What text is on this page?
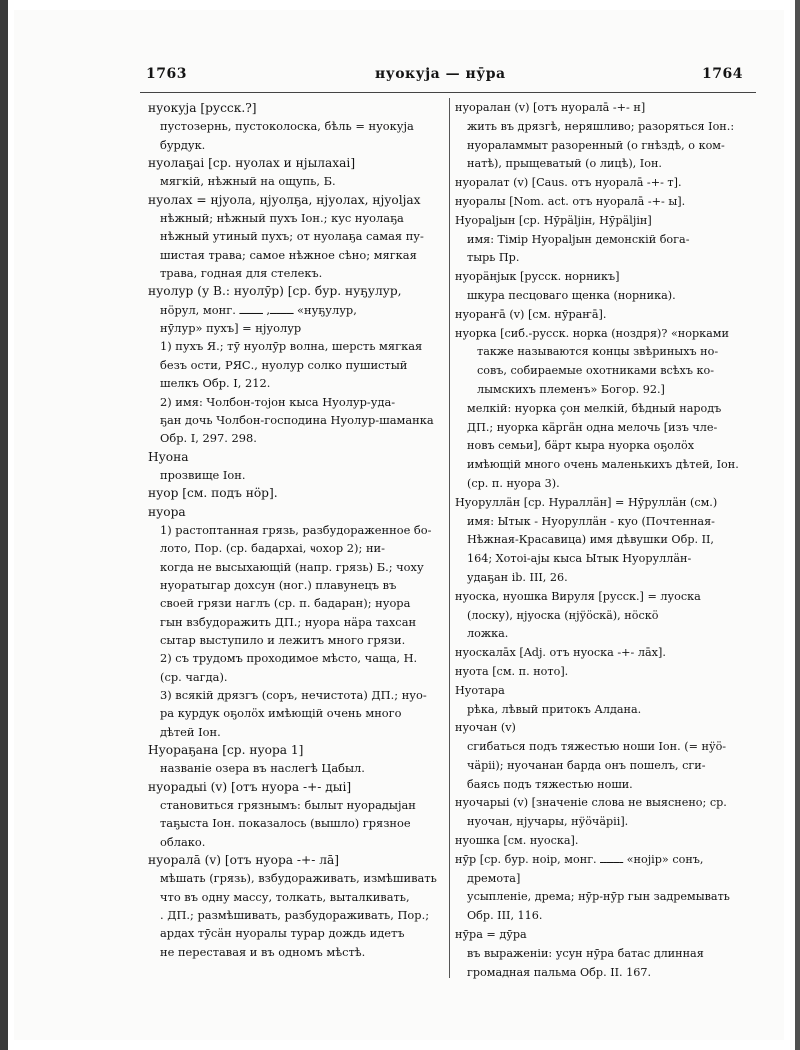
1763	нуокуја — нӯра	1764
нуокуја [русск.?]
пустозернь, пустоколоска, бѣль = нуокуја
бурдук.
нуолаҕаі [ср. нуолах и нјылахаі]
мягкій, нѣжный на ощупь, Б.
нуолах = нјуола, нјуолҕа, нјуолах, нјуоljах
нѣжный; нѣжный пухъ Іон.; кус нуолаҕа
нѣжный утиный пухъ; от нуолаҕа самая пу-
шистая трава; самое нѣжное сѣно; мягкая
трава, годная для стелекъ.
нуолур (у В.: нуолӯр) [ср. бур. нуҕулур,
нӧрул, монг. ـــــــ, ـــــــ «нуҕулур,
нӯлур» пухъ] = нјуолур
1) пухъ Я.; тӯ нуолӯр волна, шерсть мягкая
безъ ости, РЯС., нуолур солко пушистый
шелкъ Обр. І, 212.
2) имя: Чолбон-тојон кыса Нуолур-уда-
ҕан дочь Чолбон-господина Нуолур-шаманка
Обр. І, 297. 298.
Нуона
прозвище Іон.
нуор [см. подъ нӧр].
нуора
1) растоптанная грязь, разбудораженное бо-
лото, Пор. (ср. бадархаі, ҹохор 2); ни-
когда не высыхающій (напр. грязь) Б.; чоху
нуоратыгар дохсун (ног.) плавунецъ въ
своей грязи наглъ (ср. п. бадаран); нуора
гын взбудоражить ДП.; нуора нӓра тахсан
сытар выступило и лежитъ много грязи.
2) съ трудомъ проходимое мѣсто, чаща, Н.
(ср. чагда).
3) всякій дрязгъ (соръ, нечистота) ДП.; нуо-
ра курдук оҕолӧх имѣющій очень много
дѣтей Іон.
Нуораҕана [ср. нуора 1]
названіе озера въ наслегѣ Цабыл.
нуорадыі (v) [отъ нуора -+- дыі]
становиться грязнымъ: былыт нуорадыjан
таҕыста Іон. показалось (вышло) грязное
облако.
нуоралā (v) [отъ нуора -+- лā]
мѣшать (грязь), взбудораживать, измѣшивать
что въ одну массу, толкать, выталкивать,
. ДП.; размѣшивать, разбудораживать, Пор.;
ардах тӯсӓн нуоралы турар дождь идетъ
не переставая и въ одномъ мѣстѣ.
нуоралан (v) [отъ нуоралā -+- н]
жить въ дрязгѣ, неряшливо; разоряться Іон.:
нуораламмыт разоренный (о гнѣздѣ, о ком-
натѣ), прыщеватый (о лицѣ), Іон.
нуоралат (v) [Caus. отъ нуоралā -+- т].
нуоралы [Nom. act. отъ нуоралā -+- ы].
Нуораljын [ср. Нӯрӓljін, Нӯрӓljін]
имя: Тімір Нуораljын демонскій бога-
тырь Пр.
нуорӓнјык [русск. норникъ]
шкура песцоваго щенка (норника).
нуораҥā (v) [см. нӯраҥā].
нуорка [сиб.-русск. норка (ноздря)? «норками
также называются концы звѣриныхъ но-
совъ, собираемые охотниками всѣхъ ко-
лымскихъ племенъ» Богор. 92.]
мелкій: нуорка ҫон мелкій, бѣдный народъ
ДП.; нуорка кӓргӓн одна мелочь [изъ чле-
новъ семьи], бӓрт кыра нуорка оҕолӧх
имѣющій много очень маленькихъ дѣтей, Іон.
(ср. п. нуора 3).
Нуоруллӓн [ср. Нураллӓн] = Нӯруллӓн (см.)
имя: Ытык - Нуоруллӓн - куо (Почтенная-
Нѣжная-Красавица) имя дѣвушки Обр. ІІ,
164; Хотоі-аjы кыса Ытык Нуоруллӓн-
удаҕан іb. ІІІ, 26.
нуоска, нуошка Вируля [русск.] = луоска
(лоску), нјуоска (нјӱӧскӓ), нӧскӧ
ложка.
нуоскалāх [Adj. отъ нуоска -+- лāх].
нуота [см. п. ното].
Нуотара
рѣка, лѣвый притокъ Алдана.
нуочан (v)
сгибаться подъ тяжестью ноши Іон. (= нӱӧ-
чӓріі); нуочанан барда онъ пошелъ, сги-
баясь подъ тяжестью ноши.
нуочарыі (v) [значеніе слова не выяснено; ср.
нуочан, нјучары, нӱӧчӓріі].
нуошка [см. нуоска].
нӯр [ср. бур. ноір, монг. ـــــــ «нојір» сонъ,
дремота]
усыпленіе, дрема; нӯр-нӯр гын задремывать
Обр. ІІІ, 116.
нӯра = дӯра
въ выраженіи: усун нӯра батас длинная
громадная пальма Обр. ІІ. 167.
